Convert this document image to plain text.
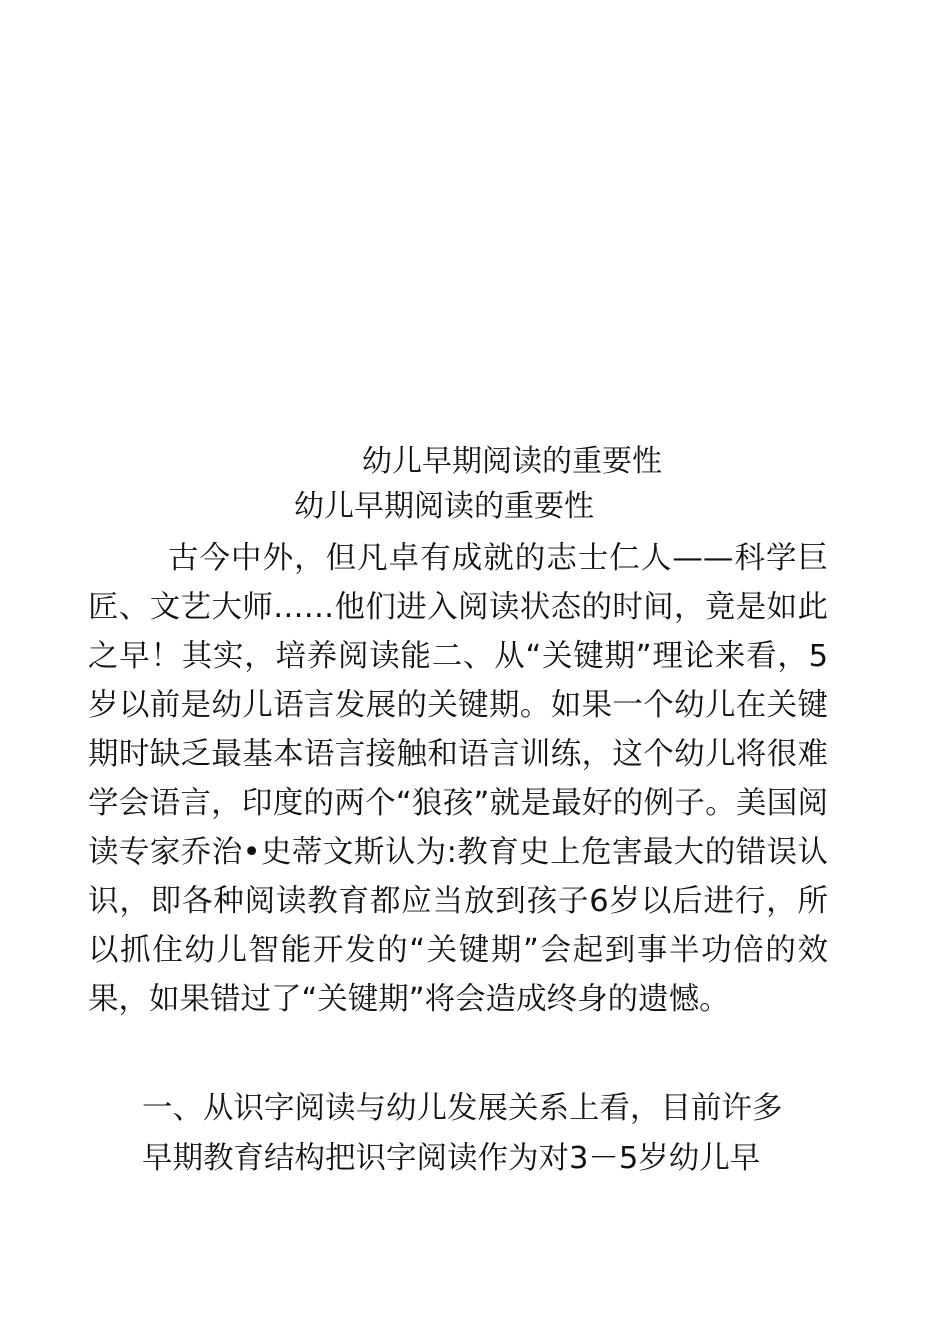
幼儿早期阅读的重要性
幼儿早期阅读的重要性

古今中外，但凡卓有成就的志士仁人——科学巨匠、文艺大师……他们进入阅读状态的时间，竟是如此之早！其实，培养阅读能二、从“关键期”理论来看，5岁以前是幼儿语言发展的关键期。如果一个幼儿在关键期时缺乏最基本语言接触和语言训练，这个幼儿将很难学会语言，印度的两个“狼孩”就是最好的例子。美国阅读专家乔治•史蒂文斯认为:教育史上危害最大的错误认识，即各种阅读教育都应当放到孩子6岁以后进行，所以抓住幼儿智能开发的“关键期”会起到事半功倍的效果，如果错过了“关键期”将会造成终身的遗憾。

一、从识字阅读与幼儿发展关系上看，目前许多

早期教育结构把识字阅读作为对3－5岁幼儿早
